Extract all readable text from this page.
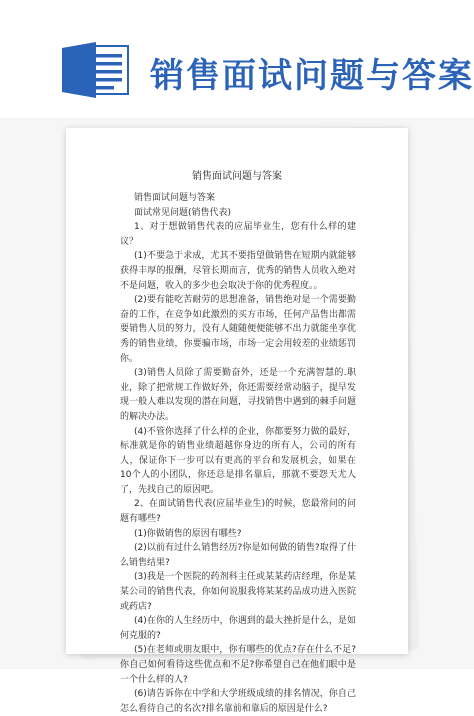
销售面试问题与答案
销售面试问题与答案

销售面试问题与答案

面试常见问题(销售代表)

1、对于想做销售代表的应届毕业生，您有什么样的建议？

(1)不要急于求成，尤其不要指望做销售在短期内就能够获得丰厚的报酬，尽管长期而言，优秀的销售人员收入绝对不是问题，收入的多少也会取决于你的优秀程度。。

(2)要有能吃苦耐劳的思想准备，销售绝对是一个需要勤奋的工作，在竞争如此激烈的买方市场，任何产品售出都需要销售人员的努力，没有人随随便便能够不出力就能坐享优秀的销售业绩，你要骗市场，市场一定会用较差的业绩惩罚你。

(3)销售人员除了需要勤奋外，还是一个充满智慧的.职业，除了把常规工作做好外，你还需要经常动脑子，提早发现一般人难以发现的潜在问题，寻找销售中遇到的棘手问题的解决办法。

(4)不管你选择了什么样的企业，你都要努力做的最好，标准就是你的销售业绩超越你身边的所有人，公司的所有人，保证你下一步可以有更高的平台和发展机会，如果在10个人的小团队，你还总是排名靠后，那就不要怨天尤人了，先找自己的原因吧。

2、在面试销售代表(应届毕业生)的时候，您最常问的问题有哪些?

(1)你做销售的原因有哪些?

(2)以前有过什么销售经历?你是如何做的销售?取得了什么销售结果?

(3)我是一个医院的药剂科主任或某某药店经理，你是某某公司的销售代表，你如何说服我将某某药品成功进入医院或药店?

(4)在你的人生经历中，你遇到的最大挫折是什么，是如何克服的?

(5)在老师或朋友眼中，你有哪些的优点?存在什么不足?你自己如何看待这些优点和不足?你希望自己在他们眼中是一个什么样的人?

(6)请告诉你在中学和大学班级成绩的排名情况，你自己怎么看待自己的名次?排名靠前和靠后的原因是什么?
